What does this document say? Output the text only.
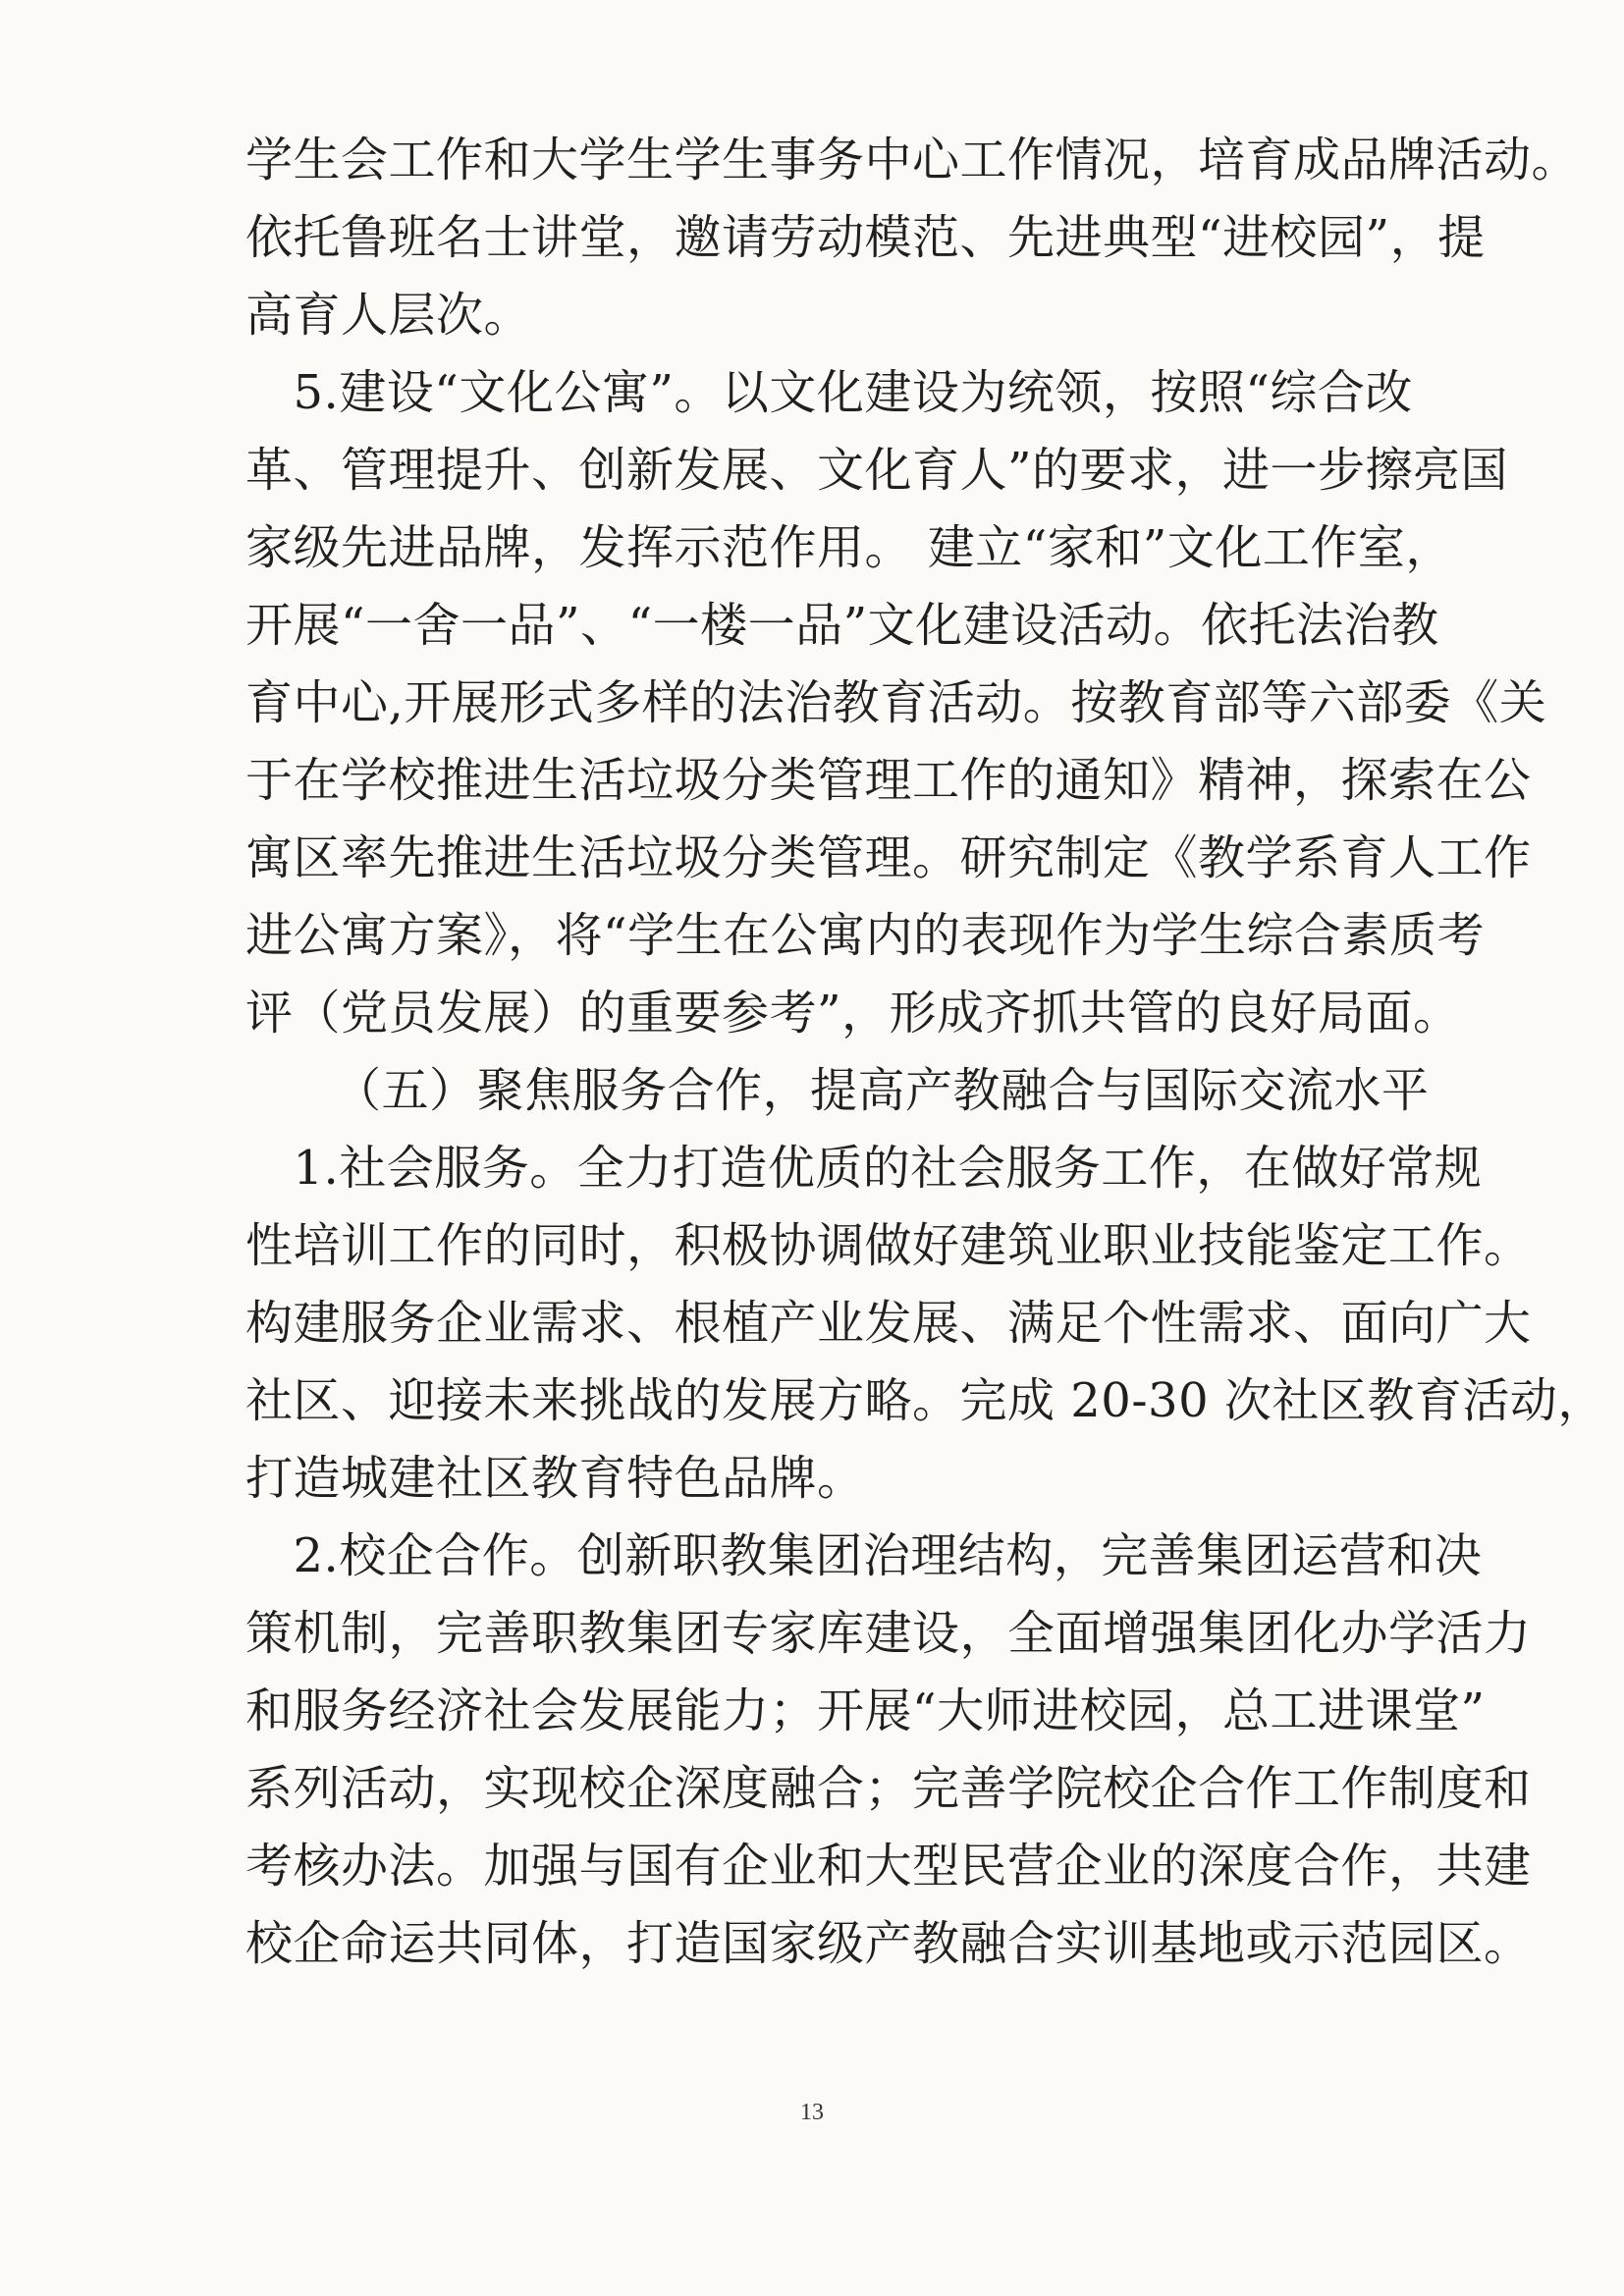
学生会工作和大学生学生事务中心工作情况，培育成品牌活动。
依托鲁班名士讲堂，邀请劳动模范、先进典型“进校园”，提
高育人层次。
　5.建设“文化公寓”。以文化建设为统领，按照“综合改
革、管理提升、创新发展、文化育人”的要求，进一步擦亮国
家级先进品牌，发挥示范作用。 建立“家和”文化工作室，
开展“一舍一品”、“一楼一品”文化建设活动。依托法治教
育中心,开展形式多样的法治教育活动。按教育部等六部委《关
于在学校推进生活垃圾分类管理工作的通知》精神，探索在公
寓区率先推进生活垃圾分类管理。研究制定《教学系育人工作
进公寓方案》，将“学生在公寓内的表现作为学生综合素质考
评（党员发展）的重要参考”，形成齐抓共管的良好局面。
（五）聚焦服务合作，提高产教融合与国际交流水平
　1.社会服务。全力打造优质的社会服务工作，在做好常规
性培训工作的同时，积极协调做好建筑业职业技能鉴定工作。
构建服务企业需求、根植产业发展、满足个性需求、面向广大
社区、迎接未来挑战的发展方略。完成 20-30 次社区教育活动，
打造城建社区教育特色品牌。
　2.校企合作。创新职教集团治理结构，完善集团运营和决
策机制，完善职教集团专家库建设，全面增强集团化办学活力
和服务经济社会发展能力；开展“大师进校园，总工进课堂”
系列活动，实现校企深度融合；完善学院校企合作工作制度和
考核办法。加强与国有企业和大型民营企业的深度合作，共建
校企命运共同体，打造国家级产教融合实训基地或示范园区。
13
